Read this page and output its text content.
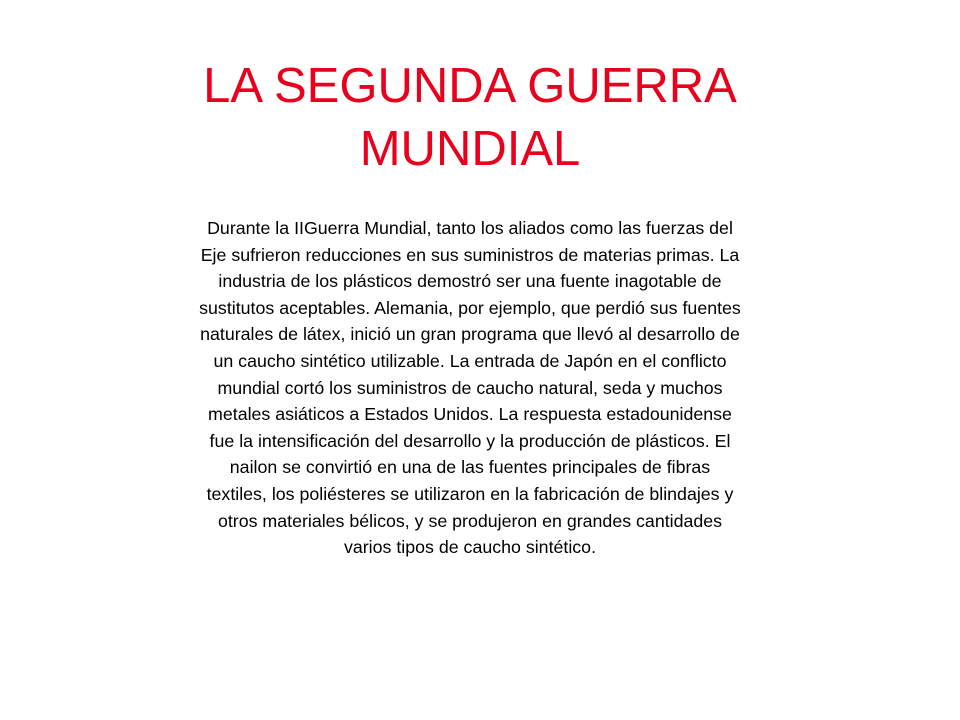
LA SEGUNDA GUERRA
MUNDIAL

Durante la IIGuerra Mundial, tanto los aliados como las fuerzas del
Eje sufrieron reducciones en sus suministros de materias primas. La
industria de los plásticos demostró ser una fuente inagotable de
sustitutos aceptables. Alemania, por ejemplo, que perdió sus fuentes
naturales de látex, inició un gran programa que llevó al desarrollo de
un caucho sintético utilizable. La entrada de Japón en el conflicto
mundial cortó los suministros de caucho natural, seda y muchos
metales asiáticos a Estados Unidos. La respuesta estadounidense
fue la intensificación del desarrollo y la producción de plásticos. El
nailon se convirtió en una de las fuentes principales de fibras
textiles, los poliésteres se utilizaron en la fabricación de blindajes y
otros materiales bélicos, y se produjeron en grandes cantidades
varios tipos de caucho sintético.
